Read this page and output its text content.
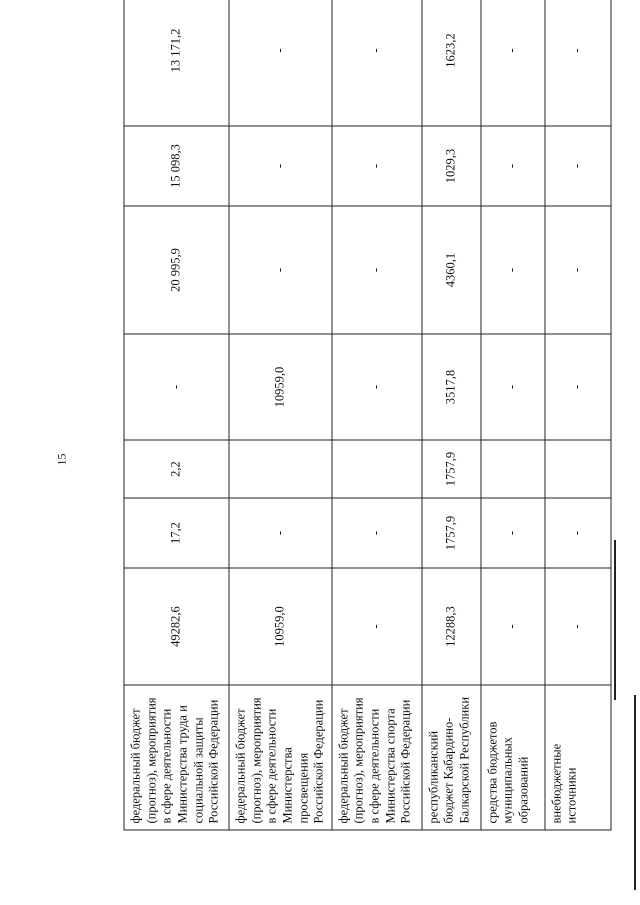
15
федеральный бюджет (прогноз), мероприятия в сфере деятельности Министерства труда и социальной защиты Российской Федерации	49282,6	17,2	2,2	-	20 995,9	15 098,3	13 171,2
федеральный бюджет (прогноз), мероприятия в сфере деятельности Министерства просвещения Российской Федерации	10959,0	-		10959,0	-	-	-
федеральный бюджет (прогноз), мероприятия в сфере деятельности Министерства спорта Российской Федерации	-	-		-	-	-	-
республиканский бюджет Кабардино-Балкарской Республики	12288,3	1757,9	1757,9	3517,8	4360,1	1029,3	1623,2
средства бюджетов муниципальных образований	-	-		-	-	-	-
внебюджетные источники	-	-		-	-	-	-
